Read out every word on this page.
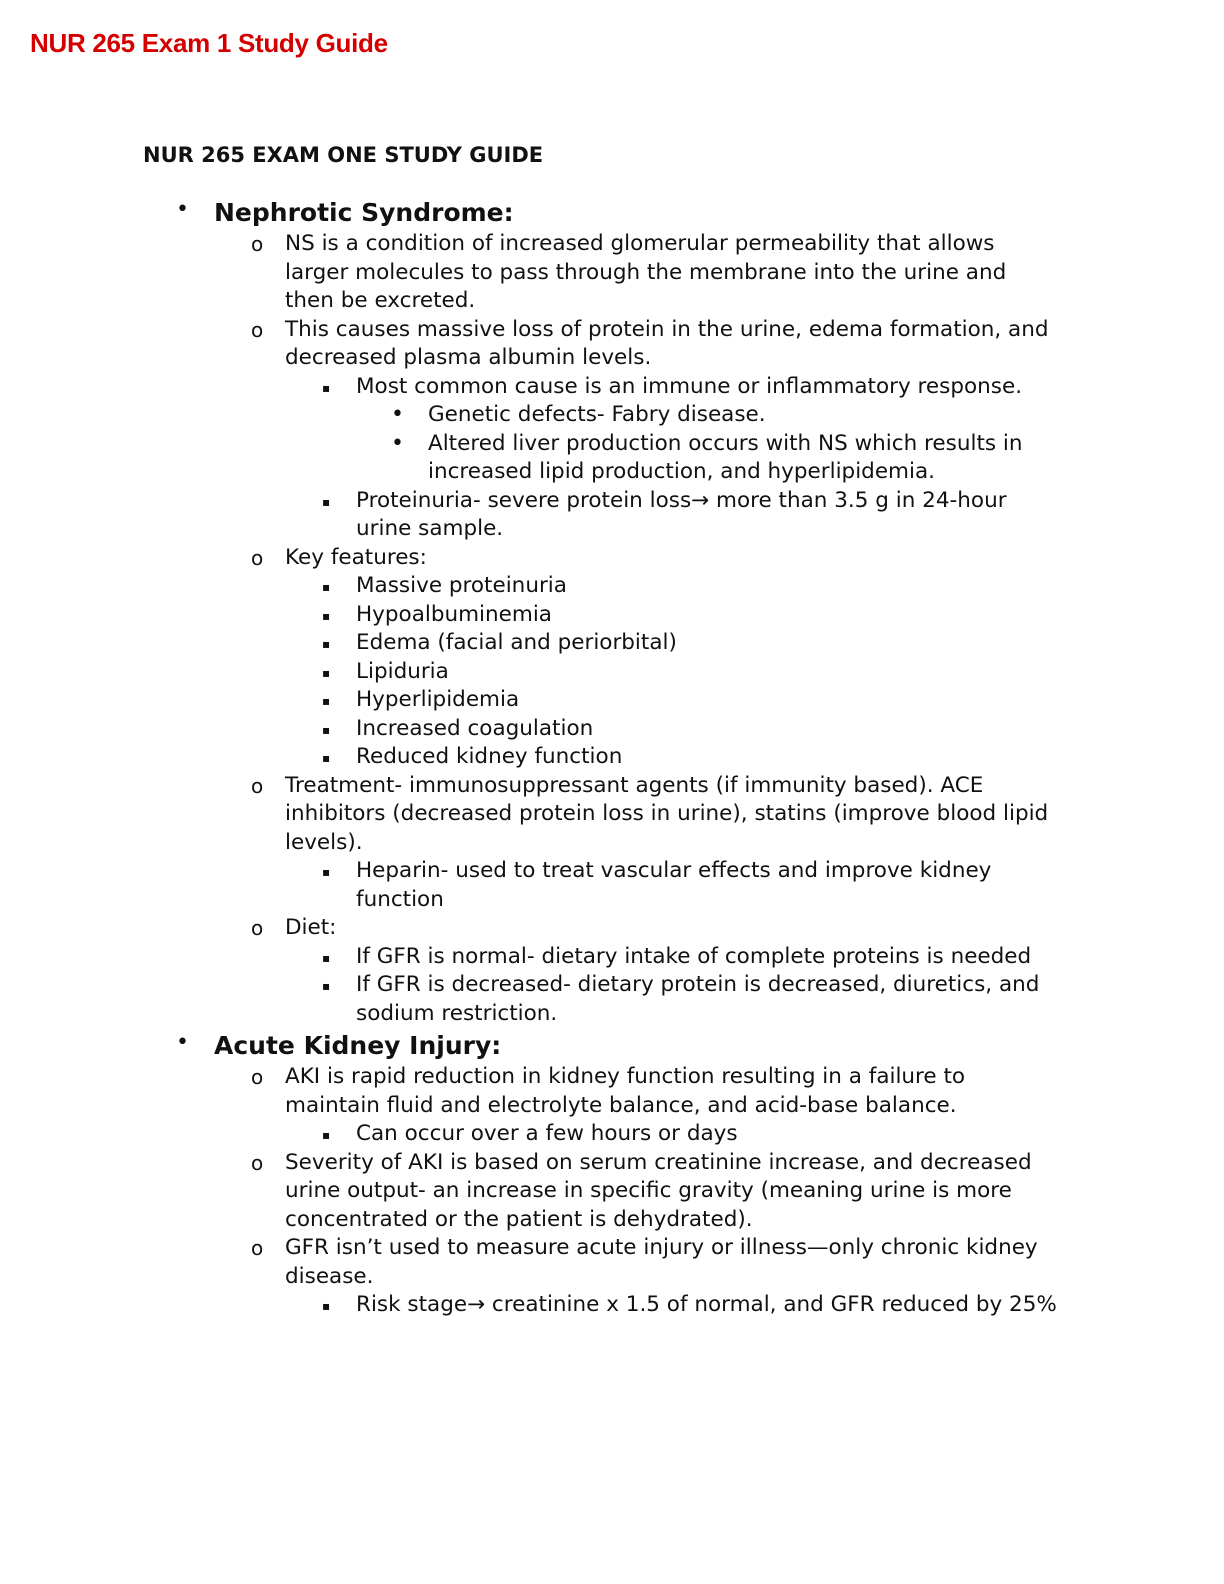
NUR 265 Exam 1 Study Guide
NUR 265 EXAM ONE STUDY GUIDE
•	Nephrotic Syndrome:
o NS is a condition of increased glomerular permeability that allows larger molecules to pass through the membrane into the urine and then be excreted.
o This causes massive loss of protein in the urine, edema formation, and decreased plasma albumin levels.
▪ Most common cause is an immune or inflammatory response.
• Genetic defects- Fabry disease.
• Altered liver production occurs with NS which results in increased lipid production, and hyperlipidemia.
▪ Proteinuria- severe protein loss→ more than 3.5 g in 24-hour urine sample.
o Key features:
▪ Massive proteinuria
▪ Hypoalbuminemia
▪ Edema (facial and periorbital)
▪ Lipiduria
▪ Hyperlipidemia
▪ Increased coagulation
▪ Reduced kidney function
o Treatment- immunosuppressant agents (if immunity based). ACE inhibitors (decreased protein loss in urine), statins (improve blood lipid levels).
▪ Heparin- used to treat vascular effects and improve kidney function
o Diet:
▪ If GFR is normal- dietary intake of complete proteins is needed
▪ If GFR is decreased- dietary protein is decreased, diuretics, and sodium restriction.
•	Acute Kidney Injury:
o AKI is rapid reduction in kidney function resulting in a failure to maintain fluid and electrolyte balance, and acid-base balance.
▪ Can occur over a few hours or days
o Severity of AKI is based on serum creatinine increase, and decreased urine output- an increase in specific gravity (meaning urine is more concentrated or the patient is dehydrated).
o GFR isn’t used to measure acute injury or illness—only chronic kidney disease.
▪ Risk stage→ creatinine x 1.5 of normal, and GFR reduced by 25%
